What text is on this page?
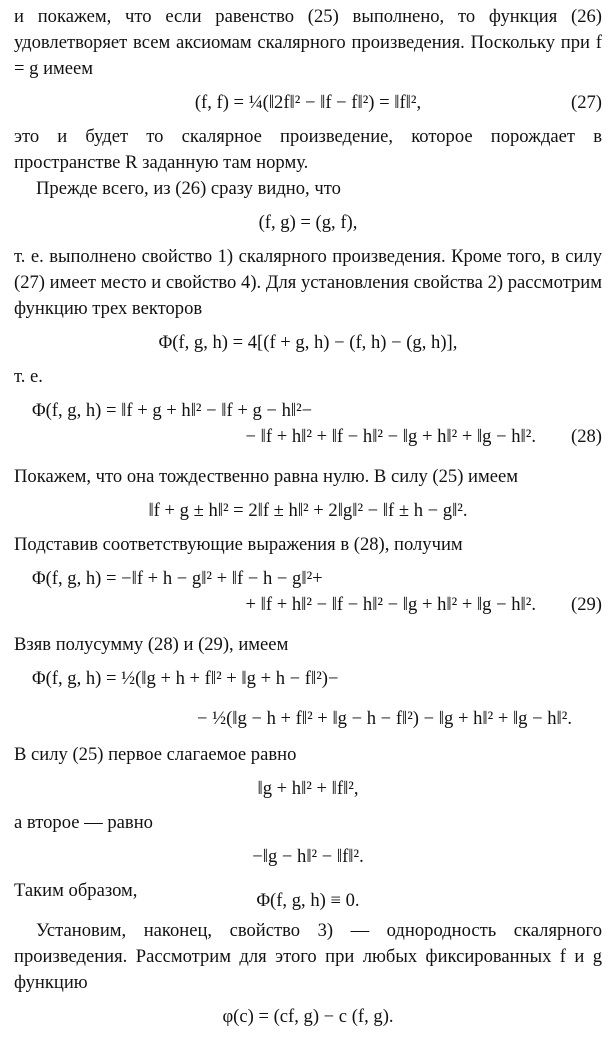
и покажем, что если равенство (25) выполнено, то функция (26) удовлетворяет всем аксиомам скалярного произведения. Поскольку при f = g имеем

(f, f) = ¼(‖2f‖² − ‖f − f‖²) = ‖f‖²,	(27)

это и будет то скалярное произведение, которое порождает в пространстве R заданную там норму.

Прежде всего, из (26) сразу видно, что

(f, g) = (g, f),

т. е. выполнено свойство 1) скалярного произведения. Кроме того, в силу (27) имеет место и свойство 4). Для установления свойства 2) рассмотрим функцию трех векторов

Φ(f, g, h) = 4[(f + g, h) − (f, h) − (g, h)],

т. е.

Φ(f, g, h) = ‖f + g + h‖² − ‖f + g − h‖²−
− ‖f + h‖² + ‖f − h‖² − ‖g + h‖² + ‖g − h‖². (28)

Покажем, что она тождественно равна нулю. В силу (25) имеем

‖f + g ± h‖² = 2‖f ± h‖² + 2‖g‖² − ‖f ± h − g‖².

Подставив соответствующие выражения в (28), получим

Φ(f, g, h) = −‖f + h − g‖² + ‖f − h − g‖²+
+ ‖f + h‖² − ‖f − h‖² − ‖g + h‖² + ‖g − h‖². (29)

Взяв полусумму (28) и (29), имеем

Φ(f, g, h) = ½(‖g + h + f‖² + ‖g + h − f‖²)−
− ½(‖g − h + f‖² + ‖g − h − f‖²) − ‖g + h‖² + ‖g − h‖².

В силу (25) первое слагаемое равно

‖g + h‖² + ‖f‖²,

а второе — равно

−‖g − h‖² − ‖f‖².
Таким образом,	Φ(f, g, h) ≡ 0.

Установим, наконец, свойство 3) — однородность скалярного произведения. Рассмотрим для этого при любых фиксированных f и g функцию

φ(c) = (cf, g) − c (f, g).
